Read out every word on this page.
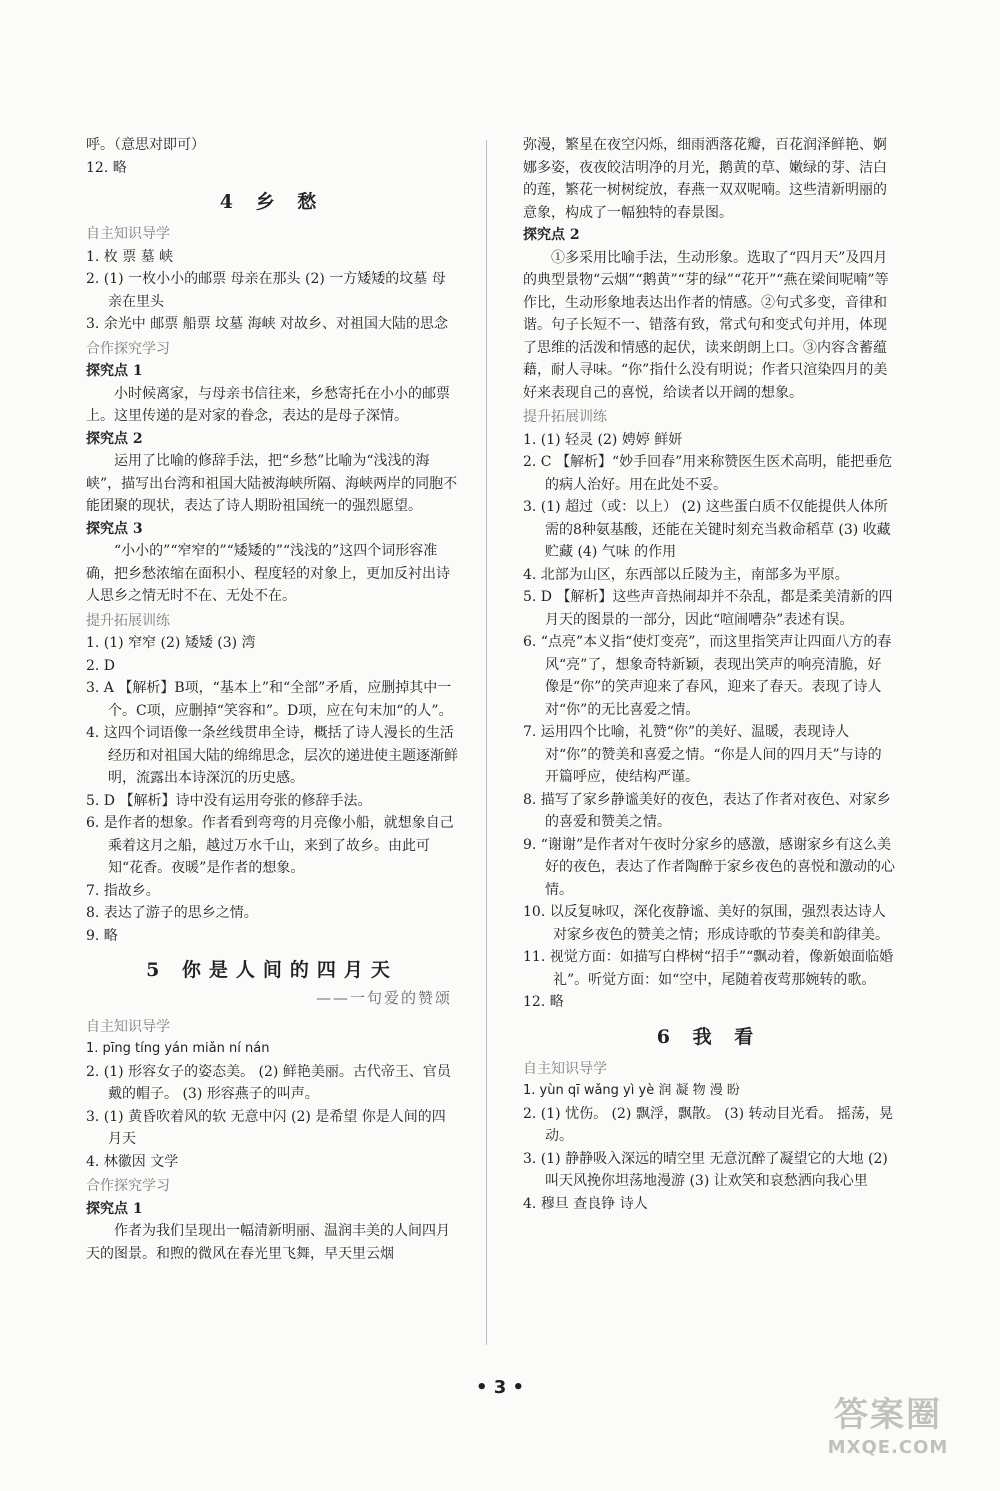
呼。（意思对即可）
12. 略
4 乡 愁
自主知识导学
1. 枚 票 墓 峡
2. (1) 一枚小小的邮票 母亲在那头 (2) 一方矮矮的坟墓 母亲在里头
3. 余光中 邮票 船票 坟墓 海峡 对故乡、对祖国大陆的思念
合作探究学习
探究点 1
小时候离家，与母亲书信往来，乡愁寄托在小小的邮票上。这里传递的是对家的眷念，表达的是母子深情。
探究点 2
运用了比喻的修辞手法，把“乡愁”比喻为“浅浅的海峡”，描写出台湾和祖国大陆被海峡所隔、海峡两岸的同胞不能团聚的现状，表达了诗人期盼祖国统一的强烈愿望。
探究点 3
“小小的”“窄窄的”“矮矮的”“浅浅的”这四个词形容准确，把乡愁浓缩在面积小、程度轻的对象上，更加反衬出诗人思乡之情无时不在、无处不在。
提升拓展训练
1. (1) 窄窄 (2) 矮矮 (3) 湾
2. D
3. A 【解析】B项，“基本上”和“全部”矛盾，应删掉其中一个。C项，应删掉“笑容和”。D项，应在句末加“的人”。
4. 这四个词语像一条丝线贯串全诗，概括了诗人漫长的生活经历和对祖国大陆的绵绵思念，层次的递进使主题逐渐鲜明，流露出本诗深沉的历史感。
5. D 【解析】诗中没有运用夸张的修辞手法。
6. 是作者的想象。作者看到弯弯的月亮像小船，就想象自己乘着这月之船，越过万水千山，来到了故乡。由此可知“花香。夜暖”是作者的想象。
7. 指故乡。
8. 表达了游子的思乡之情。
9. 略
5 你是人间的四月天
——一句爱的赞颂
自主知识导学
1. pīng tíng yán miǎn ní nán
2. (1) 形容女子的姿态美。 (2) 鲜艳美丽。古代帝王、官员戴的帽子。 (3) 形容燕子的叫声。
3. (1) 黄昏吹着风的软 无意中闪 (2) 是希望 你是人间的四月天
4. 林徽因 文学
合作探究学习
探究点 1
作者为我们呈现出一幅清新明丽、温润丰美的人间四月天的图景。和煦的微风在春光里飞舞，早天里云烟
弥漫，繁星在夜空闪烁，细雨洒落花瓣，百花润泽鲜艳、婀娜多姿，夜夜皎洁明净的月光，鹅黄的草、嫩绿的芽、洁白的莲，繁花一树树绽放，春燕一双双呢喃。这些清新明丽的意象，构成了一幅独特的春景图。
探究点 2
①多采用比喻手法，生动形象。选取了“四月天”及四月的典型景物“云烟”“鹅黄”“芽的绿”“花开”“燕在梁间呢喃”等作比，生动形象地表达出作者的情感。②句式多变，音律和谐。句子长短不一、错落有致，常式句和变式句并用，体现了思维的活泼和情感的起伏，读来朗朗上口。③内容含蓄蕴藉，耐人寻味。“你”指什么没有明说；作者只渲染四月的美好来表现自己的喜悦，给读者以开阔的想象。
提升拓展训练
1. (1) 轻灵 (2) 娉婷 鲜妍
2. C 【解析】“妙手回春”用来称赞医生医术高明，能把垂危的病人治好。用在此处不妥。
3. (1) 超过（或：以上） (2) 这些蛋白质不仅能提供人体所需的8种氨基酸，还能在关键时刻充当救命稻草 (3) 收藏 贮藏 (4) 气味 的作用
4. 北部为山区，东西部以丘陵为主，南部多为平原。
5. D 【解析】这些声音热闹却并不杂乱，都是柔美清新的四月天的图景的一部分，因此“喧闹嘈杂”表述有误。
6. “点亮”本义指“使灯变亮”，而这里指笑声让四面八方的春风“亮”了，想象奇特新颖，表现出笑声的响亮清脆，好像是“你”的笑声迎来了春风，迎来了春天。表现了诗人对“你”的无比喜爱之情。
7. 运用四个比喻，礼赞“你”的美好、温暖，表现诗人对“你”的赞美和喜爱之情。“你是人间的四月天”与诗的开篇呼应，使结构严谨。
8. 描写了家乡静谧美好的夜色，表达了作者对夜色、对家乡的喜爱和赞美之情。
9. “谢谢”是作者对午夜时分家乡的感激，感谢家乡有这么美好的夜色，表达了作者陶醉于家乡夜色的喜悦和激动的心情。
10. 以反复咏叹，深化夜静谧、美好的氛围，强烈表达诗人对家乡夜色的赞美之情；形成诗歌的节奏美和韵律美。
11. 视觉方面：如描写白桦树“招手”“飘动着，像新娘面临婚礼”。听觉方面：如“空中，尾随着夜莺那婉转的歌。
12. 略
6 我 看
自主知识导学
1. yùn qī wǎng yì yè 润 凝 物 漫 盼
2. (1) 忧伤。 (2) 飘浮，飘散。 (3) 转动目光看。 摇荡，晃动。
3. (1) 静静吸入深远的晴空里 无意沉醉了凝望它的大地 (2) 叫天风挽你坦荡地漫游 (3) 让欢笑和哀愁洒向我心里
4. 穆旦 查良铮 诗人
• 3 •
答案圈
MXQE.COM
